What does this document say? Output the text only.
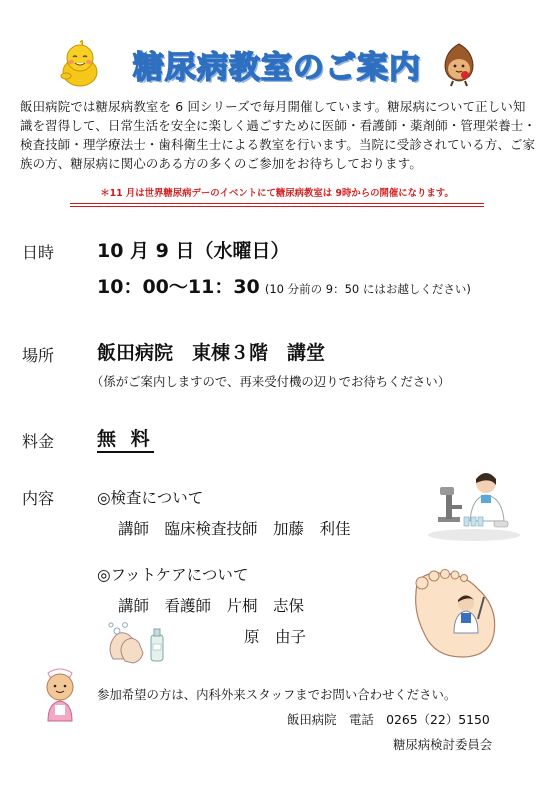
糖尿病教室のご案内
飯田病院では糖尿病教室を 6 回シリーズで毎月開催しています。糖尿病について正しい知識を習得して、日常生活を安全に楽しく過ごすために医師・看護師・薬剤師・管理栄養士・検査技師・理学療法士・歯科衛生士による教室を行います。当院に受診されている方、ご家族の方、糖尿病に関心のある方の多くのご参加をお待ちしております。
＊11 月は世界糖尿病デーのイベントにて糖尿病教室は 9時からの開催になります。
日時 10 月 9 日（水曜日）
10：00～11：30 (10 分前の 9：50 にはお越しください)
場所 飯田病院　東棟３階　講堂
（係がご案内しますので、再来受付機の辺りでお待ちください）
料金 無 料
内容	◎検査について
講師　臨床検査技師　加藤　利佳
◎フットケアについて
講師　看護師　片桐　志保
原　由子
参加希望の方は、内科外来スタッフまでお問い合わせください。
飯田病院　電話　0265（22）5150
糖尿病検討委員会
